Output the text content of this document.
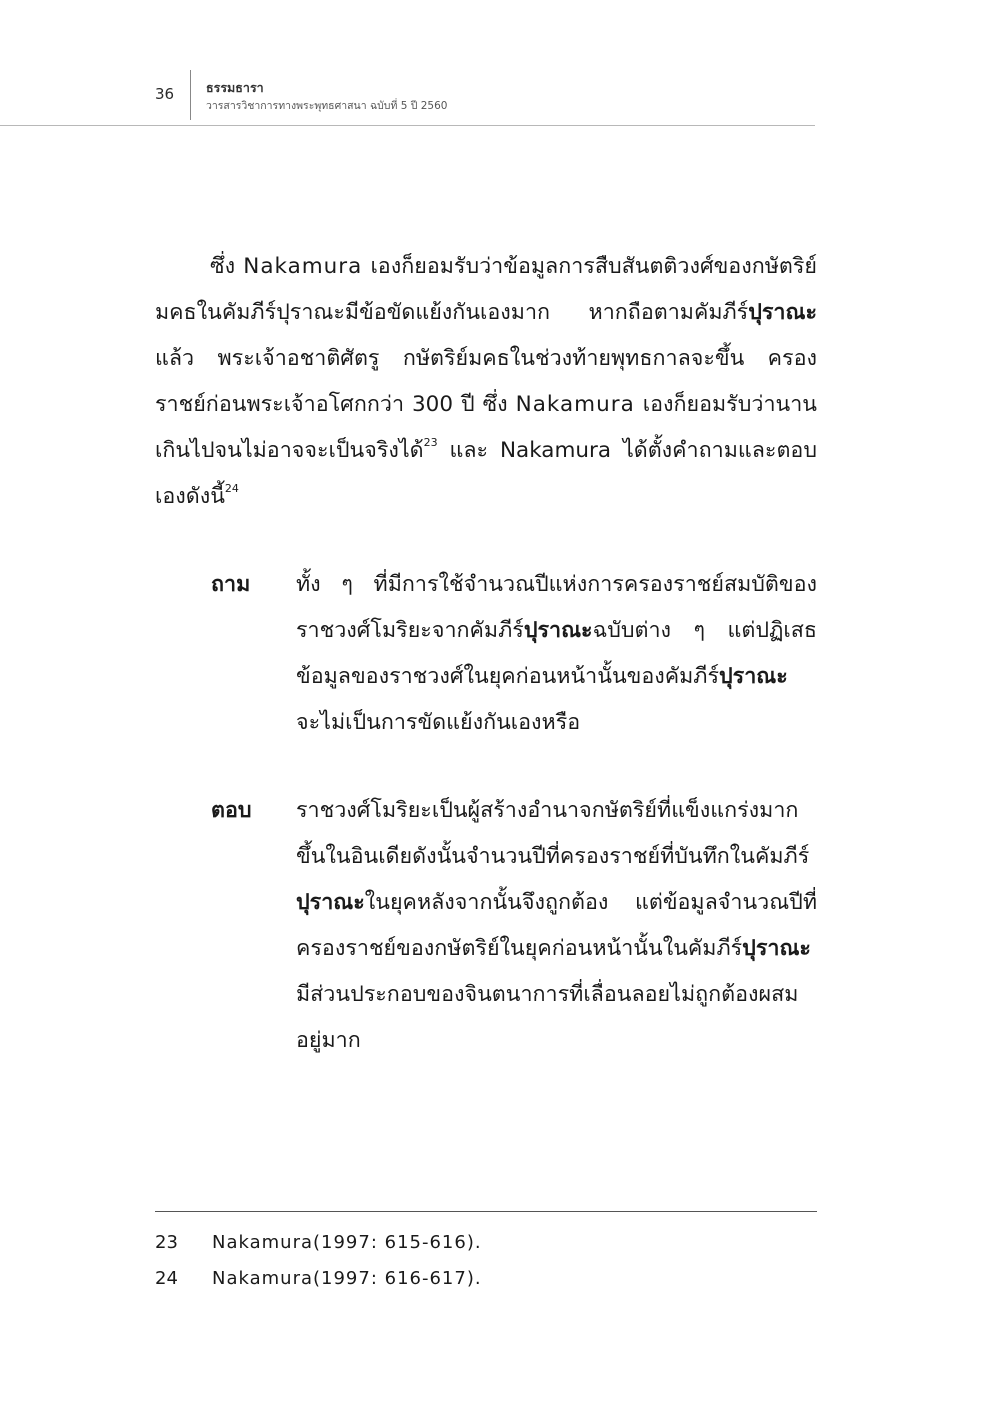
36	ธรรมธารา
วารสารวิชาการทางพระพุทธศาสนา ฉบับที่ 5 ปี 2560

ซึ่ง Nakamura เองก็ยอมรับว่าข้อมูลการสืบสันตติวงศ์ของกษัตริย์มคธในคัมภีร์ปุราณะมีข้อขัดแย้งกันเองมาก หากถือตามคัมภีร์ปุราณะแล้ว พระเจ้าอชาติศัตรู กษัตริย์มคธในช่วงท้ายพุทธกาลจะขึ้น ครองราชย์ก่อนพระเจ้าอโศกกว่า 300 ปี ซึ่ง Nakamura เองก็ยอมรับว่านานเกินไปจนไม่อาจจะเป็นจริงได้$^{23}$ และ Nakamura ได้ตั้งคำถามและตอบเองดังนี้$^{24}$

ถาม ทั้ง ๆ ที่มีการใช้จำนวณปีแห่งการครองราชย์สมบัติของราชวงศ์โมริยะจากคัมภีร์ปุราณะฉบับต่าง ๆ แต่ปฏิเสธข้อมูลของราชวงศ์ในยุคก่อนหน้านั้นของคัมภีร์ปุราณะ จะไม่เป็นการขัดแย้งกันเองหรือ

ตอบ ราชวงศ์โมริยะเป็นผู้สร้างอำนาจกษัตริย์ที่แข็งแกร่งมากขึ้นในอินเดียดังนั้นจำนวนปีที่ครองราชย์ที่บันทึกในคัมภีร์ปุราณะในยุคหลังจากนั้นจึงถูกต้อง แต่ข้อมูลจำนวณปีที่ครองราชย์ของกษัตริย์ในยุคก่อนหน้านั้นในคัมภีร์ปุราณะ มีส่วนประกอบของจินตนาการที่เลื่อนลอยไม่ถูกต้องผสมอยู่มาก

23 Nakamura(1997: 615-616).
24 Nakamura(1997: 616-617).
